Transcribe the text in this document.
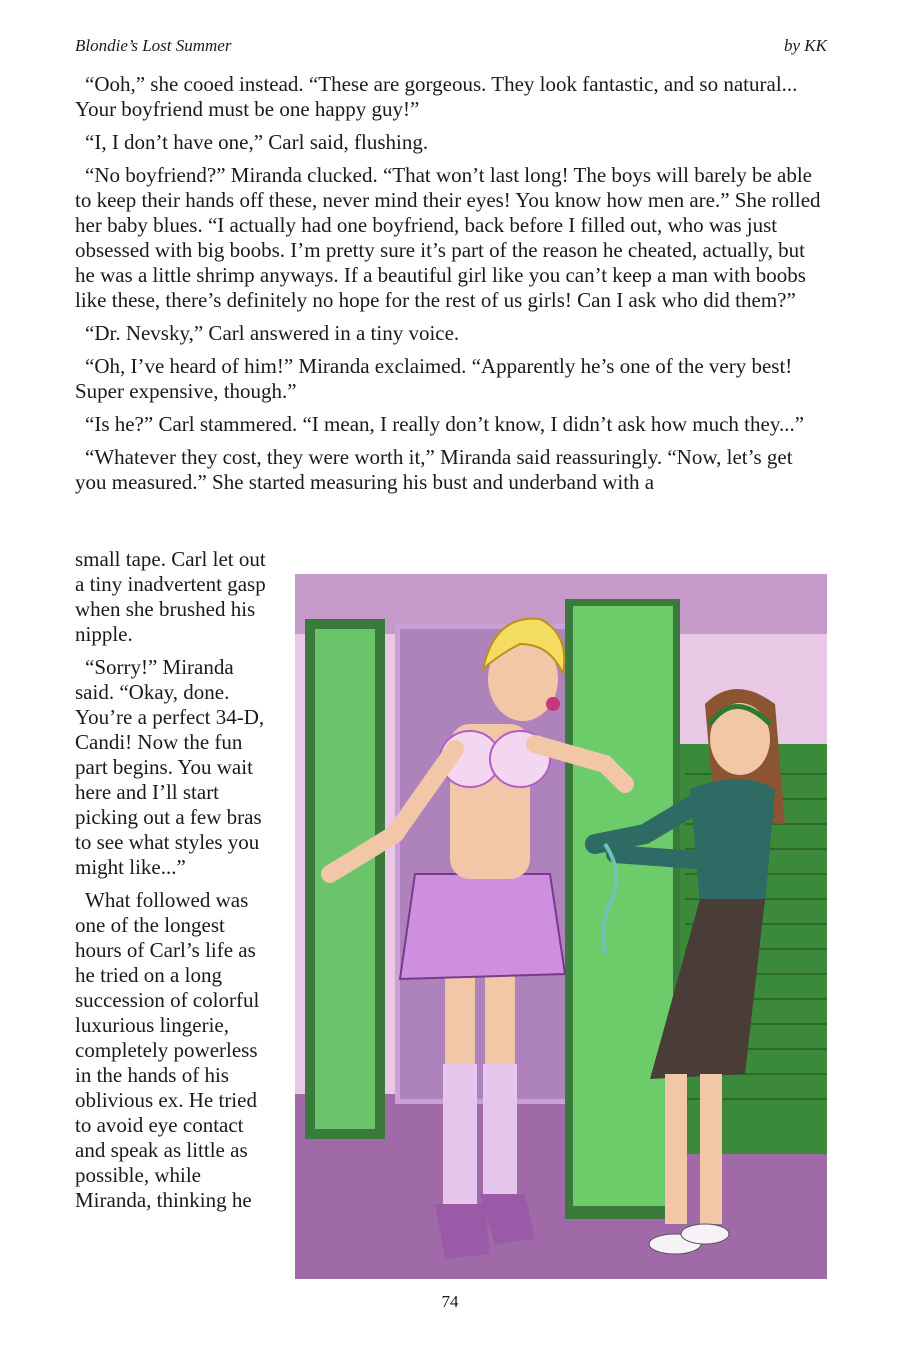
Blondie’s Lost Summer	by KK

“Ooh,” she cooed instead. “These are gorgeous. They look fantastic, and so natural... Your boyfriend must be one happy guy!”

“I, I don’t have one,” Carl said, flushing.

“No boyfriend?” Miranda clucked. “That won’t last long! The boys will barely be able to keep their hands off these, never mind their eyes! You know how men are.” She rolled her baby blues. “I actually had one boyfriend, back before I filled out, who was just obsessed with big boobs. I’m pretty sure it’s part of the reason he cheated, actually, but he was a little shrimp anyways. If a beautiful girl like you can’t keep a man with boobs like these, there’s definitely no hope for the rest of us girls! Can I ask who did them?”

“Dr. Nevsky,” Carl answered in a tiny voice.

“Oh, I’ve heard of him!” Miranda exclaimed. “Apparently he’s one of the very best! Super expensive, though.”

“Is he?” Carl stammered. “I mean, I really don’t know, I didn’t ask how much they...”

“Whatever they cost, they were worth it,” Miranda said reassuringly. “Now, let’s get you measured.” She started measuring his bust and underband with a

small tape. Carl let out a tiny inadvertent gasp when she brushed his nipple.

“Sorry!” Miranda said. “Okay, done. You’re a perfect 34-D, Candi! Now the fun part begins. You wait here and I’ll start picking out a few bras to see what styles you might like...”

What followed was one of the longest hours of Carl’s life as he tried on a long succession of colorful luxurious lingerie, completely powerless in the hands of his oblivious ex. He tried to avoid eye contact and speak as little as possible, while Miranda, thinking he

74
